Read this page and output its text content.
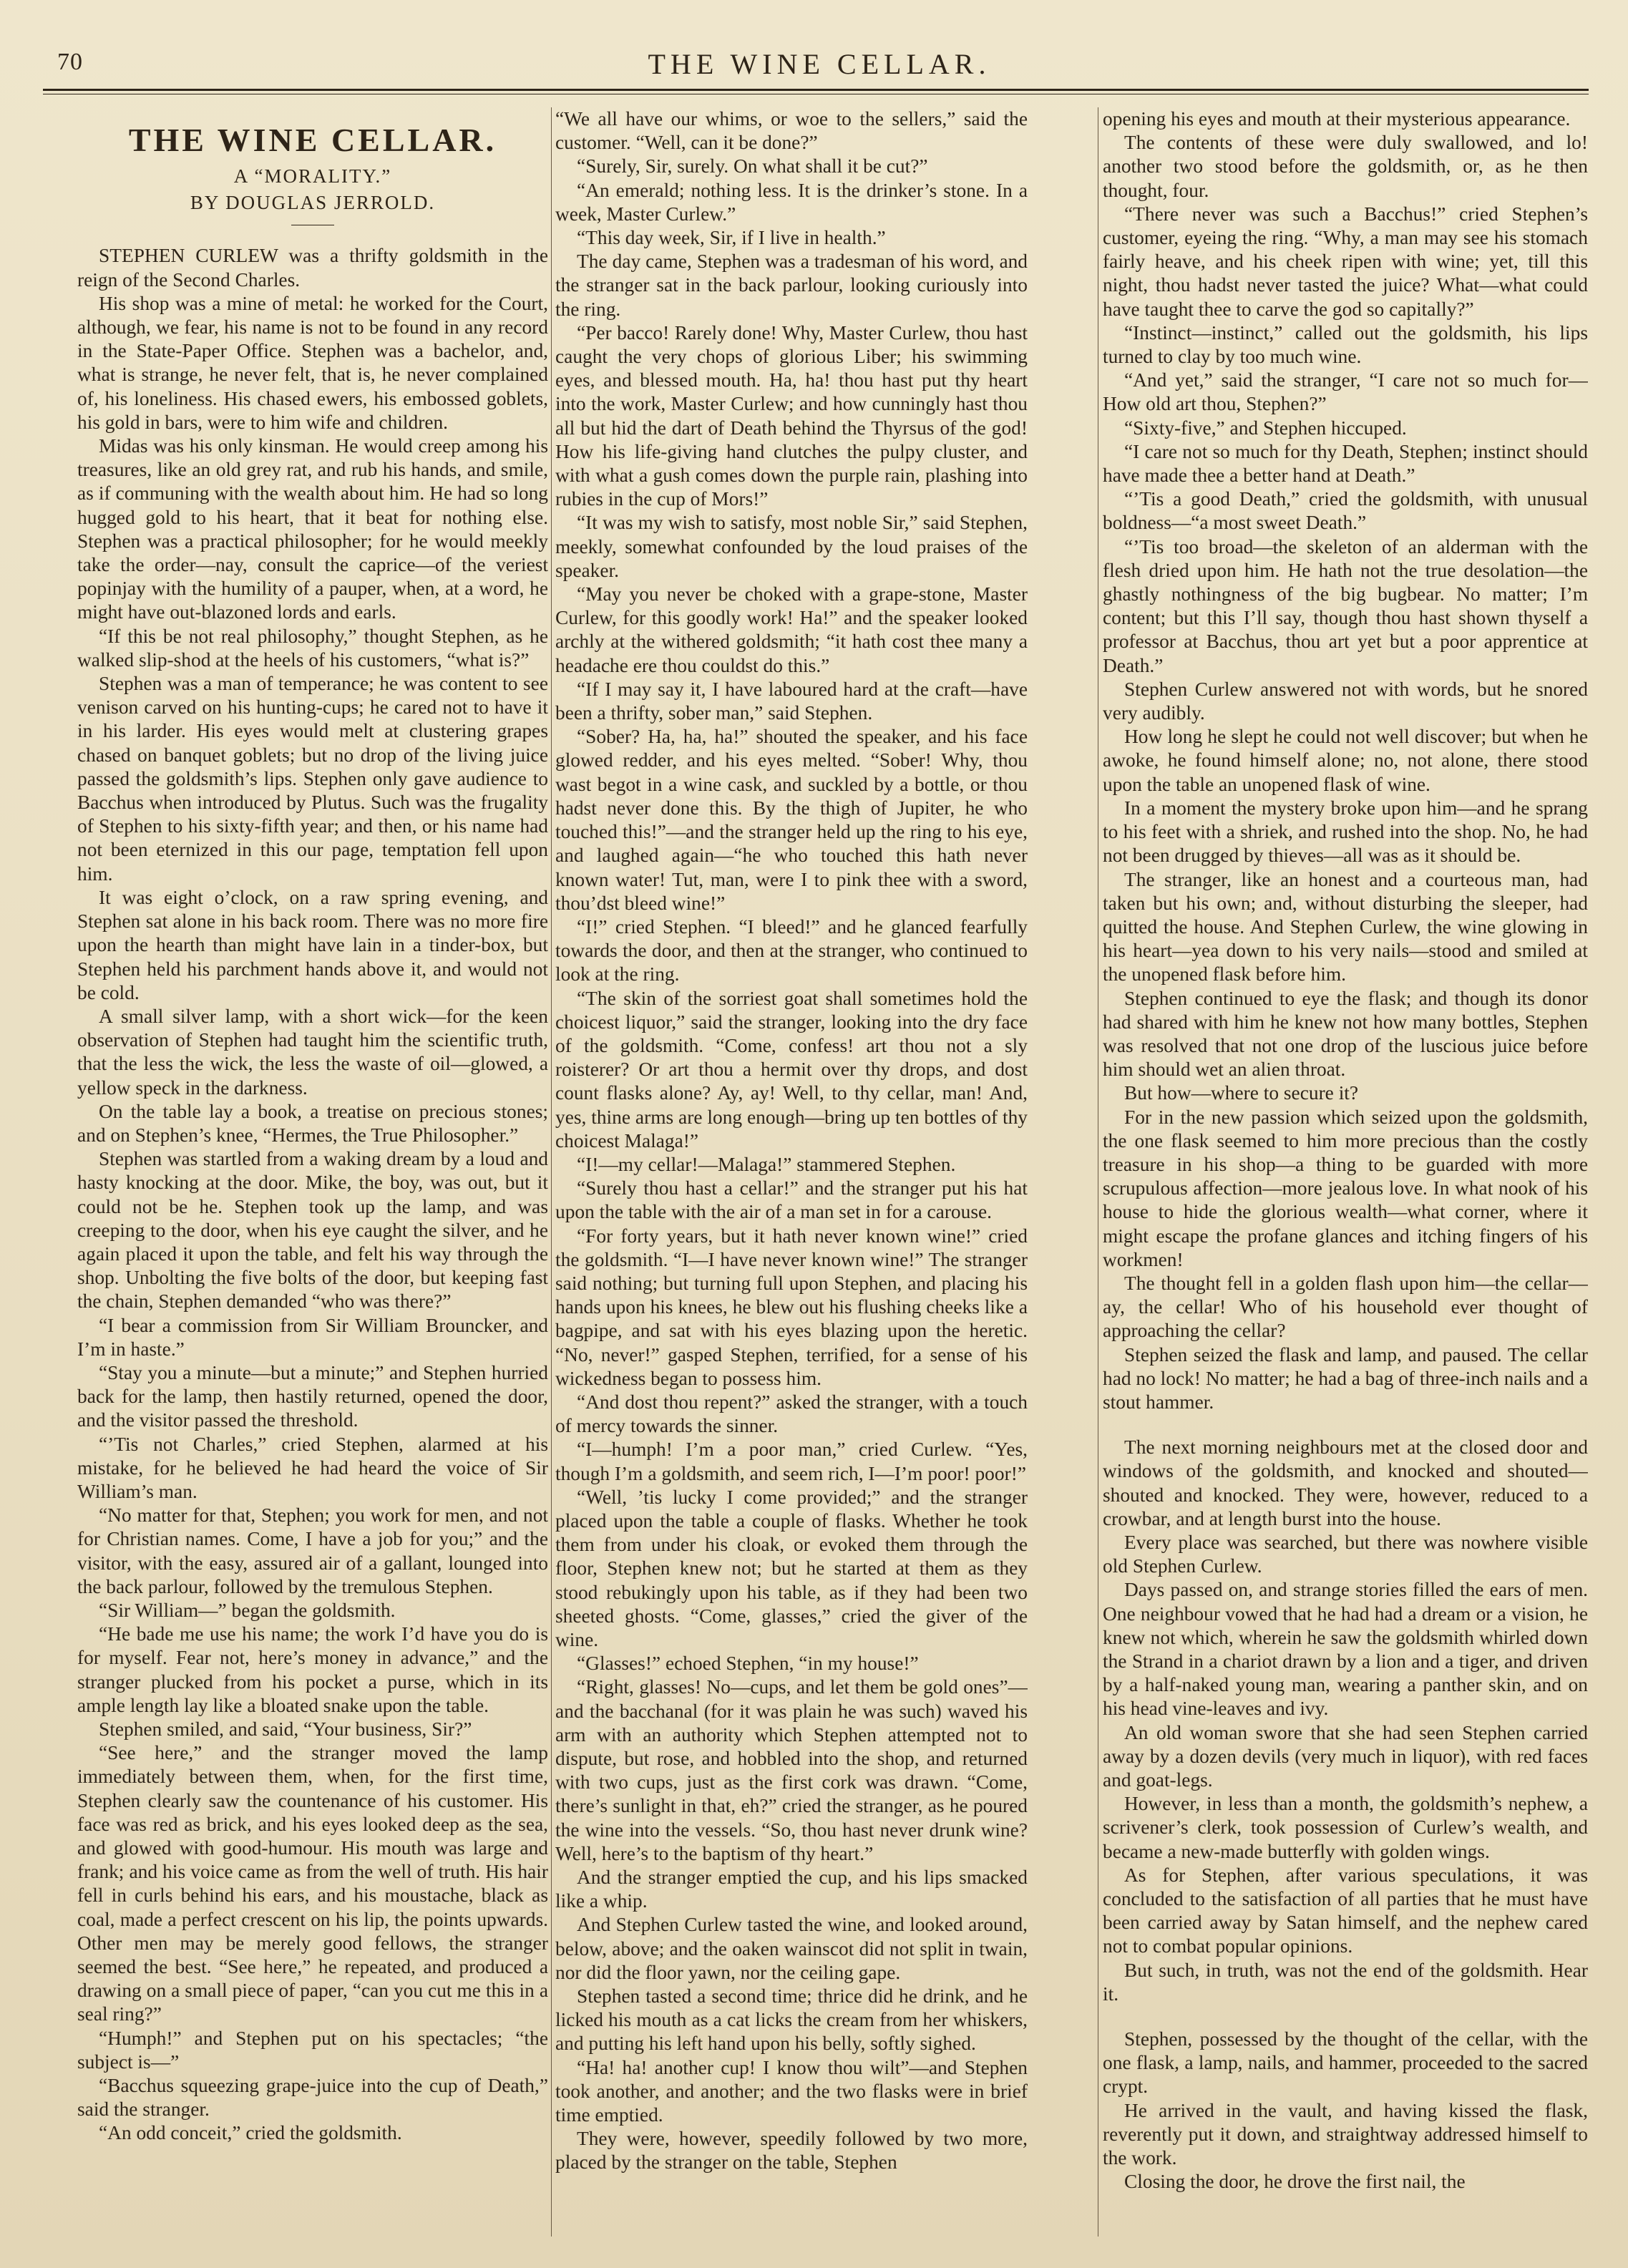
70	THE WINE CELLAR.
THE WINE CELLAR.
A “MORALITY.”
BY DOUGLAS JERROLD.

STEPHEN CURLEW was a thrifty goldsmith in the reign of the Second Charles.

His shop was a mine of metal: he worked for the Court, although, we fear, his name is not to be found in any record in the State-Paper Office. Stephen was a bachelor, and, what is strange, he never felt, that is, he never complained of, his loneliness. His chased ewers, his embossed goblets, his gold in bars, were to him wife and children.

Midas was his only kinsman. He would creep among his treasures, like an old grey rat, and rub his hands, and smile, as if communing with the wealth about him. He had so long hugged gold to his heart, that it beat for nothing else. Stephen was a practical philosopher; for he would meekly take the order—nay, consult the caprice—of the veriest popinjay with the humility of a pauper, when, at a word, he might have out-blazoned lords and earls.

“If this be not real philosophy,” thought Stephen, as he walked slip-shod at the heels of his customers, “what is?”

Stephen was a man of temperance; he was content to see venison carved on his hunting-cups; he cared not to have it in his larder. His eyes would melt at clustering grapes chased on banquet goblets; but no drop of the living juice passed the goldsmith’s lips. Stephen only gave audience to Bacchus when introduced by Plutus. Such was the frugality of Stephen to his sixty-fifth year; and then, or his name had not been eternized in this our page, temptation fell upon him.

It was eight o’clock, on a raw spring evening, and Stephen sat alone in his back room. There was no more fire upon the hearth than might have lain in a tinder-box, but Stephen held his parchment hands above it, and would not be cold.

A small silver lamp, with a short wick—for the keen observation of Stephen had taught him the scientific truth, that the less the wick, the less the waste of oil—glowed, a yellow speck in the darkness.

On the table lay a book, a treatise on precious stones; and on Stephen’s knee, “Hermes, the True Philosopher.”

Stephen was startled from a waking dream by a loud and hasty knocking at the door. Mike, the boy, was out, but it could not be he. Stephen took up the lamp, and was creeping to the door, when his eye caught the silver, and he again placed it upon the table, and felt his way through the shop. Unbolting the five bolts of the door, but keeping fast the chain, Stephen demanded “who was there?”

“I bear a commission from Sir William Brouncker, and I’m in haste.”

“Stay you a minute—but a minute;” and Stephen hurried back for the lamp, then hastily returned, opened the door, and the visitor passed the threshold.

“’Tis not Charles,” cried Stephen, alarmed at his mistake, for he believed he had heard the voice of Sir William’s man.

“No matter for that, Stephen; you work for men, and not for Christian names. Come, I have a job for you;” and the visitor, with the easy, assured air of a gallant, lounged into the back parlour, followed by the tremulous Stephen.

“Sir William—” began the goldsmith.

“He bade me use his name; the work I’d have you do is for myself. Fear not, here’s money in advance,” and the stranger plucked from his pocket a purse, which in its ample length lay like a bloated snake upon the table.

Stephen smiled, and said, “Your business, Sir?”

“See here,” and the stranger moved the lamp immediately between them, when, for the first time, Stephen clearly saw the countenance of his customer. His face was red as brick, and his eyes looked deep as the sea, and glowed with good-humour. His mouth was large and frank; and his voice came as from the well of truth. His hair fell in curls behind his ears, and his moustache, black as coal, made a perfect crescent on his lip, the points upwards. Other men may be merely good fellows, the stranger seemed the best. “See here,” he repeated, and produced a drawing on a small piece of paper, “can you cut me this in a seal ring?”

“Humph!” and Stephen put on his spectacles; “the subject is—”

“Bacchus squeezing grape-juice into the cup of Death,” said the stranger.

“An odd conceit,” cried the goldsmith.

“We all have our whims, or woe to the sellers,” said the customer. “Well, can it be done?”

“Surely, Sir, surely. On what shall it be cut?”

“An emerald; nothing less. It is the drinker’s stone. In a week, Master Curlew.”

“This day week, Sir, if I live in health.”

The day came, Stephen was a tradesman of his word, and the stranger sat in the back parlour, looking curiously into the ring.

“Per bacco! Rarely done! Why, Master Curlew, thou hast caught the very chops of glorious Liber; his swimming eyes, and blessed mouth. Ha, ha! thou hast put thy heart into the work, Master Curlew; and how cunningly hast thou all but hid the dart of Death behind the Thyrsus of the god! How his life-giving hand clutches the pulpy cluster, and with what a gush comes down the purple rain, plashing into rubies in the cup of Mors!”

“It was my wish to satisfy, most noble Sir,” said Stephen, meekly, somewhat confounded by the loud praises of the speaker.

“May you never be choked with a grape-stone, Master Curlew, for this goodly work! Ha!” and the speaker looked archly at the withered goldsmith; “it hath cost thee many a headache ere thou couldst do this.”

“If I may say it, I have laboured hard at the craft—have been a thrifty, sober man,” said Stephen.

“Sober? Ha, ha, ha!” shouted the speaker, and his face glowed redder, and his eyes melted. “Sober! Why, thou wast begot in a wine cask, and suckled by a bottle, or thou hadst never done this. By the thigh of Jupiter, he who touched this!”—and the stranger held up the ring to his eye, and laughed again—“he who touched this hath never known water! Tut, man, were I to pink thee with a sword, thou’dst bleed wine!”

“I!” cried Stephen. “I bleed!” and he glanced fearfully towards the door, and then at the stranger, who continued to look at the ring.

“The skin of the sorriest goat shall sometimes hold the choicest liquor,” said the stranger, looking into the dry face of the goldsmith. “Come, confess! art thou not a sly roisterer? Or art thou a hermit over thy drops, and dost count flasks alone? Ay, ay! Well, to thy cellar, man! And, yes, thine arms are long enough—bring up ten bottles of thy choicest Malaga!”

“I!—my cellar!—Malaga!” stammered Stephen.

“Surely thou hast a cellar!” and the stranger put his hat upon the table with the air of a man set in for a carouse.

“For forty years, but it hath never known wine!” cried the goldsmith. “I—I have never known wine!” The stranger said nothing; but turning full upon Stephen, and placing his hands upon his knees, he blew out his flushing cheeks like a bagpipe, and sat with his eyes blazing upon the heretic. “No, never!” gasped Stephen, terrified, for a sense of his wickedness began to possess him.

“And dost thou repent?” asked the stranger, with a touch of mercy towards the sinner.

“I—humph! I’m a poor man,” cried Curlew. “Yes, though I’m a goldsmith, and seem rich, I—I’m poor! poor!”

“Well, ’tis lucky I come provided;” and the stranger placed upon the table a couple of flasks. Whether he took them from under his cloak, or evoked them through the floor, Stephen knew not; but he started at them as they stood rebukingly upon his table, as if they had been two sheeted ghosts. “Come, glasses,” cried the giver of the wine.

“Glasses!” echoed Stephen, “in my house!”

“Right, glasses! No—cups, and let them be gold ones”—and the bacchanal (for it was plain he was such) waved his arm with an authority which Stephen attempted not to dispute, but rose, and hobbled into the shop, and returned with two cups, just as the first cork was drawn. “Come, there’s sunlight in that, eh?” cried the stranger, as he poured the wine into the vessels. “So, thou hast never drunk wine? Well, here’s to the baptism of thy heart.”

And the stranger emptied the cup, and his lips smacked like a whip.

And Stephen Curlew tasted the wine, and looked around, below, above; and the oaken wainscot did not split in twain, nor did the floor yawn, nor the ceiling gape.

Stephen tasted a second time; thrice did he drink, and he licked his mouth as a cat licks the cream from her whiskers, and putting his left hand upon his belly, softly sighed.

“Ha! ha! another cup! I know thou wilt”—and Stephen took another, and another; and the two flasks were in brief time emptied.

They were, however, speedily followed by two more, placed by the stranger on the table, Stephen

opening his eyes and mouth at their mysterious appearance.

The contents of these were duly swallowed, and lo! another two stood before the goldsmith, or, as he then thought, four.

“There never was such a Bacchus!” cried Stephen’s customer, eyeing the ring. “Why, a man may see his stomach fairly heave, and his cheek ripen with wine; yet, till this night, thou hadst never tasted the juice? What—what could have taught thee to carve the god so capitally?”

“Instinct—instinct,” called out the goldsmith, his lips turned to clay by too much wine.

“And yet,” said the stranger, “I care not so much for—How old art thou, Stephen?”

“Sixty-five,” and Stephen hiccuped.

“I care not so much for thy Death, Stephen; instinct should have made thee a better hand at Death.”

“’Tis a good Death,” cried the goldsmith, with unusual boldness—“a most sweet Death.”

“’Tis too broad—the skeleton of an alderman with the flesh dried upon him. He hath not the true desolation—the ghastly nothingness of the big bugbear. No matter; I’m content; but this I’ll say, though thou hast shown thyself a professor at Bacchus, thou art yet but a poor apprentice at Death.”

Stephen Curlew answered not with words, but he snored very audibly.

How long he slept he could not well discover; but when he awoke, he found himself alone; no, not alone, there stood upon the table an unopened flask of wine.

In a moment the mystery broke upon him—and he sprang to his feet with a shriek, and rushed into the shop. No, he had not been drugged by thieves—all was as it should be.

The stranger, like an honest and a courteous man, had taken but his own; and, without disturbing the sleeper, had quitted the house. And Stephen Curlew, the wine glowing in his heart—yea down to his very nails—stood and smiled at the unopened flask before him.

Stephen continued to eye the flask; and though its donor had shared with him he knew not how many bottles, Stephen was resolved that not one drop of the luscious juice before him should wet an alien throat.

But how—where to secure it?

For in the new passion which seized upon the goldsmith, the one flask seemed to him more precious than the costly treasure in his shop—a thing to be guarded with more scrupulous affection—more jealous love. In what nook of his house to hide the glorious wealth—what corner, where it might escape the profane glances and itching fingers of his workmen!

The thought fell in a golden flash upon him—the cellar—ay, the cellar! Who of his household ever thought of approaching the cellar?

Stephen seized the flask and lamp, and paused. The cellar had no lock! No matter; he had a bag of three-inch nails and a stout hammer.

The next morning neighbours met at the closed door and windows of the goldsmith, and knocked and shouted—shouted and knocked. They were, however, reduced to a crowbar, and at length burst into the house.

Every place was searched, but there was nowhere visible old Stephen Curlew.

Days passed on, and strange stories filled the ears of men. One neighbour vowed that he had had a dream or a vision, he knew not which, wherein he saw the goldsmith whirled down the Strand in a chariot drawn by a lion and a tiger, and driven by a half-naked young man, wearing a panther skin, and on his head vine-leaves and ivy.

An old woman swore that she had seen Stephen carried away by a dozen devils (very much in liquor), with red faces and goat-legs.

However, in less than a month, the goldsmith’s nephew, a scrivener’s clerk, took possession of Curlew’s wealth, and became a new-made butterfly with golden wings.

As for Stephen, after various speculations, it was concluded to the satisfaction of all parties that he must have been carried away by Satan himself, and the nephew cared not to combat popular opinions.

But such, in truth, was not the end of the goldsmith. Hear it.

Stephen, possessed by the thought of the cellar, with the one flask, a lamp, nails, and hammer, proceeded to the sacred crypt.

He arrived in the vault, and having kissed the flask, reverently put it down, and straightway addressed himself to the work.

Closing the door, he drove the first nail, the
